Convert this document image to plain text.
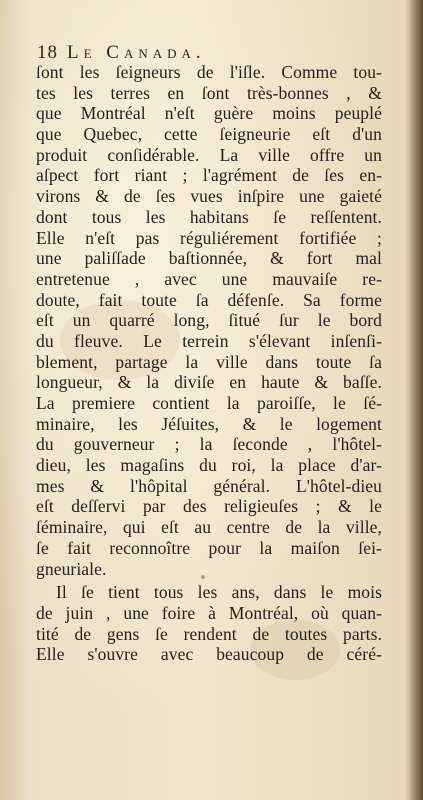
18 Le Canada.
ſont les ſeigneurs de l'iſle. Comme tou-
tes les terres en ſont très-bonnes , &
que Montréal n'eſt guère moins peuplé
que Quebec, cette ſeigneurie eſt d'un
produit conſidérable. La ville offre un
aſpect fort riant ; l'agrément de ſes en-
virons & de ſes vues inſpire une gaieté
dont tous les habitans ſe reſſentent.
Elle n'eſt pas réguliérement fortifiée ;
une paliſſade baſtionnée, & fort mal
entretenue , avec une mauvaiſe re-
doute, fait toute ſa défenſe. Sa forme
eſt un quarré long, ſitué ſur le bord
du fleuve. Le terrein s'élevant inſenſi-
blement, partage la ville dans toute ſa
longueur, & la diviſe en haute & baſſe.
La premiere contient la paroiſſe, le ſé-
minaire, les Jéſuites, & le logement
du gouverneur ; la ſeconde , l'hôtel-
dieu, les magaſins du roi, la place d'ar-
mes & l'hôpital général. L'hôtel-dieu
eſt deſſervi par des religieuſes ; & le
ſéminaire, qui eſt au centre de la ville,
ſe fait reconnoître pour la maiſon ſei-
gneuriale.
Il ſe tient tous les ans, dans le mois
de juin , une foire à Montréal, où quan-
tité de gens ſe rendent de toutes parts.
Elle s'ouvre avec beaucoup de céré-
